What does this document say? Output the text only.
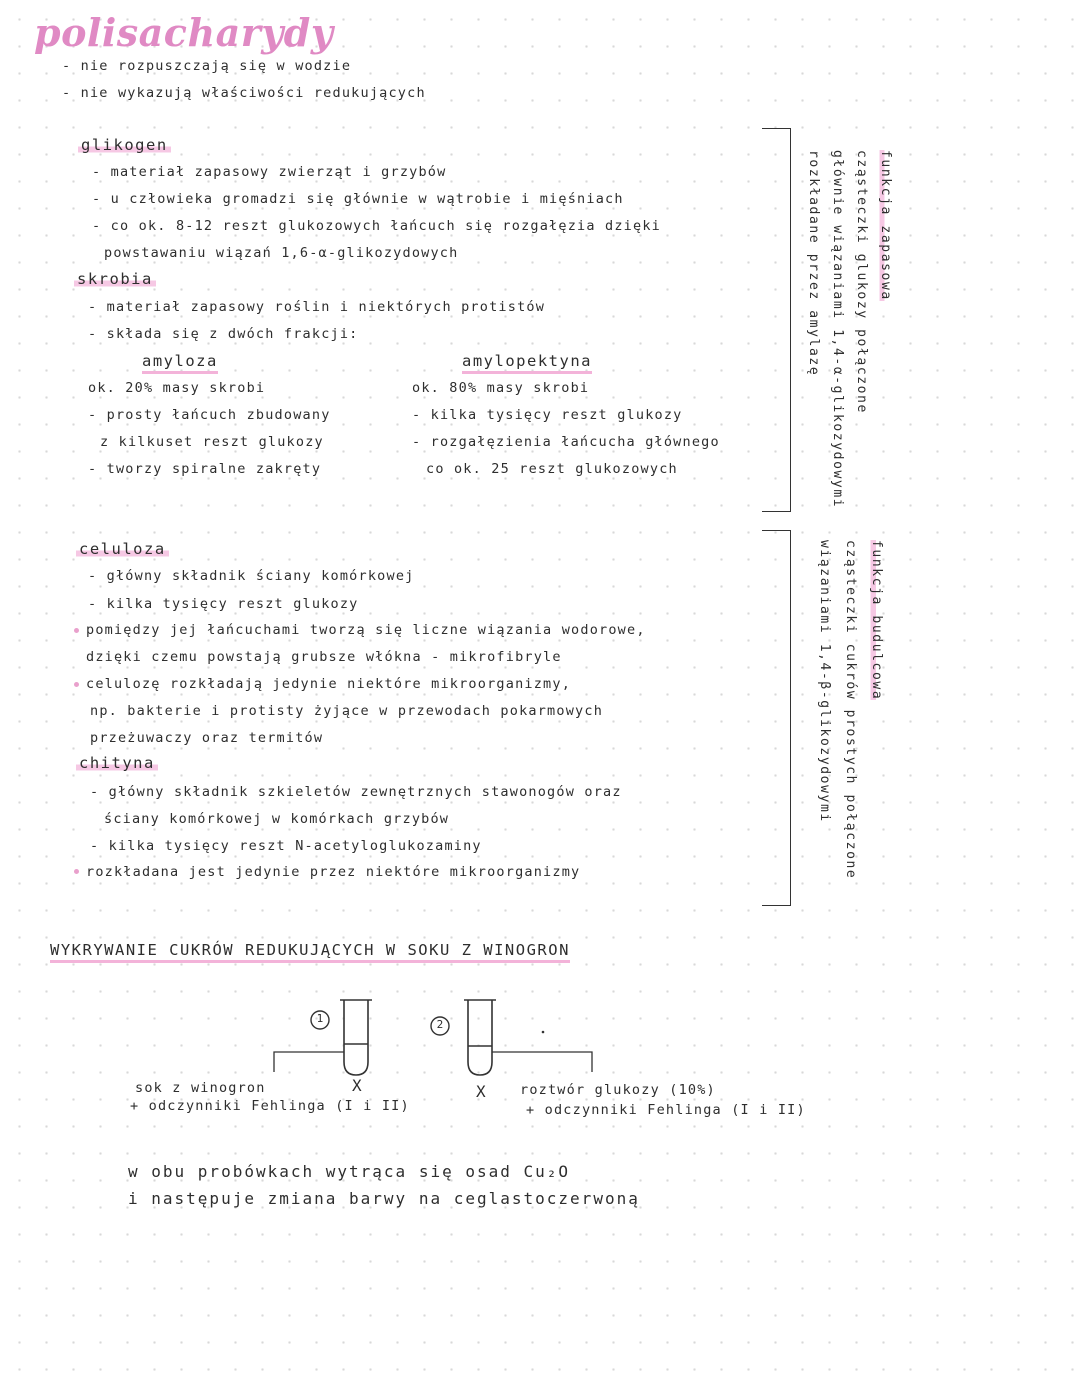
polisacharydy
- nie rozpuszczają się w wodzie
- nie wykazują właściwości redukujących
glikogen
- materiał zapasowy zwierząt i grzybów
- u człowieka gromadzi się głównie w wątrobie i mięśniach
- co ok. 8-12 reszt glukozowych łańcuch się rozgałęzia dzięki
powstawaniu wiązań 1,6-α-glikozydowych
skrobia
- materiał zapasowy roślin i niektórych protistów
- składa się z dwóch frakcji:
amyloza
ok. 20% masy skrobi
- prosty łańcuch zbudowany
z kilkuset reszt glukozy
- tworzy spiralne zakręty
amylopektyna
ok. 80% masy skrobi
- kilka tysięcy reszt glukozy
- rozgałęzienia łańcucha głównego
co ok. 25 reszt glukozowych
funkcja zapasowa
cząsteczki glukozy połączone
głównie wiązaniami 1,4-α-glikozydowymi
rozkładane przez amylazę
celuloza
- główny składnik ściany komórkowej
- kilka tysięcy reszt glukozy
pomiędzy jej łańcuchami tworzą się liczne wiązania wodorowe,
dzięki czemu powstają grubsze włókna - mikrofibryle
celulozę rozkładają jedynie niektóre mikroorganizmy,
np. bakterie i protisty żyjące w przewodach pokarmowych
przeżuwaczy oraz termitów
chityna
- główny składnik szkieletów zewnętrznych stawonogów oraz
ściany komórkowej w komórkach grzybów
- kilka tysięcy reszt N-acetyloglukozaminy
rozkładana jest jedynie przez niektóre mikroorganizmy
funkcja budulcowa
cząsteczki cukrów prostych połączone
wiązaniami 1,4-β-glikozydowymi
WYKRYWANIE CUKRÓW REDUKUJĄCYCH W SOKU Z WINOGRON
1	2
sok z winogron
+ odczynniki Fehlinga (I i II)
X	X roztwór glukozy (10%)
+ odczynniki Fehlinga (I i II)
w obu probówkach wytrąca się osad Cu₂O
i następuje zmiana barwy na ceglastoczerwoną
